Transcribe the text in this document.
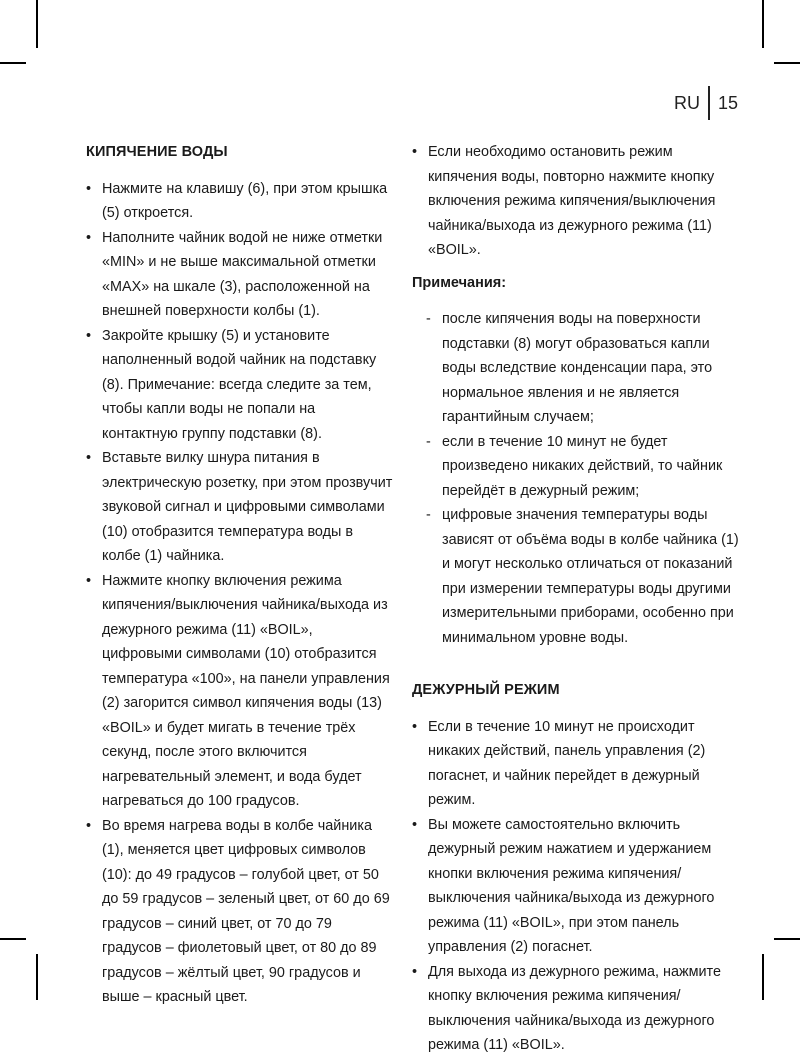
RU 15
КИПЯЧЕНИЕ ВОДЫ
• Нажмите на клавишу (6), при этом крышка (5) откроется.
• Наполните чайник водой не ниже отметки «MIN» и не выше максимальной отметки «MAX» на шкале (3), расположенной на внешней поверхности колбы (1).
• Закройте крышку (5) и установите наполненный водой чайник на подставку (8). Примечание: всегда следите за тем, чтобы капли воды не попали на контактную группу подставки (8).
• Вставьте вилку шнура питания в электрическую розетку, при этом прозвучит звуковой сигнал и цифровыми символами (10) отобразится температура воды в колбе (1) чайника.
• Нажмите кнопку включения режима кипячения/выключения чайника/выхода из дежурного режима (11) «BOIL», цифровыми символами (10) отобразится температура «100», на панели управления (2) загорится символ кипячения воды (13) «BOIL» и будет мигать в течение трёх секунд, после этого включится нагревательный элемент, и вода будет нагреваться до 100 градусов.
• Во время нагрева воды в колбе чайника (1), меняется цвет цифровых символов (10): до 49 градусов – голубой цвет, от 50 до 59 градусов – зеленый цвет, от 60 до 69 градусов – синий цвет, от 70 до 79 градусов – фиолетовый цвет, от 80 до 89 градусов – жёлтый цвет, 90 градусов и выше – красный цвет.
• Если необходимо остановить режим кипячения воды, повторно нажмите кнопку включения режима кипячения/выключения чайника/выхода из дежурного режима (11) «BOIL».
Примечания:
- после кипячения воды на поверхности подставки (8) могут образоваться капли воды вследствие конденсации пара, это нормальное явления и не является гарантийным случаем;
- если в течение 10 минут не будет произведено никаких действий, то чайник перейдёт в дежурный режим;
- цифровые значения температуры воды зависят от объёма воды в колбе чайника (1) и могут несколько отличаться от показаний при измерении температуры воды другими измерительными приборами, особенно при минимальном уровне воды.
ДЕЖУРНЫЙ РЕЖИМ
• Если в течение 10 минут не происходит никаких действий, панель управления (2) погаснет, и чайник перейдет в дежурный режим.
• Вы можете самостоятельно включить дежурный режим нажатием и удержанием кнопки включения режима кипячения/выключения чайника/выхода из дежурного режима (11) «BOIL», при этом панель управления (2) погаснет.
• Для выхода из дежурного режима, нажмите кнопку включения режима кипячения/выключения чайника/выхода из дежурного режима (11) «BOIL».
